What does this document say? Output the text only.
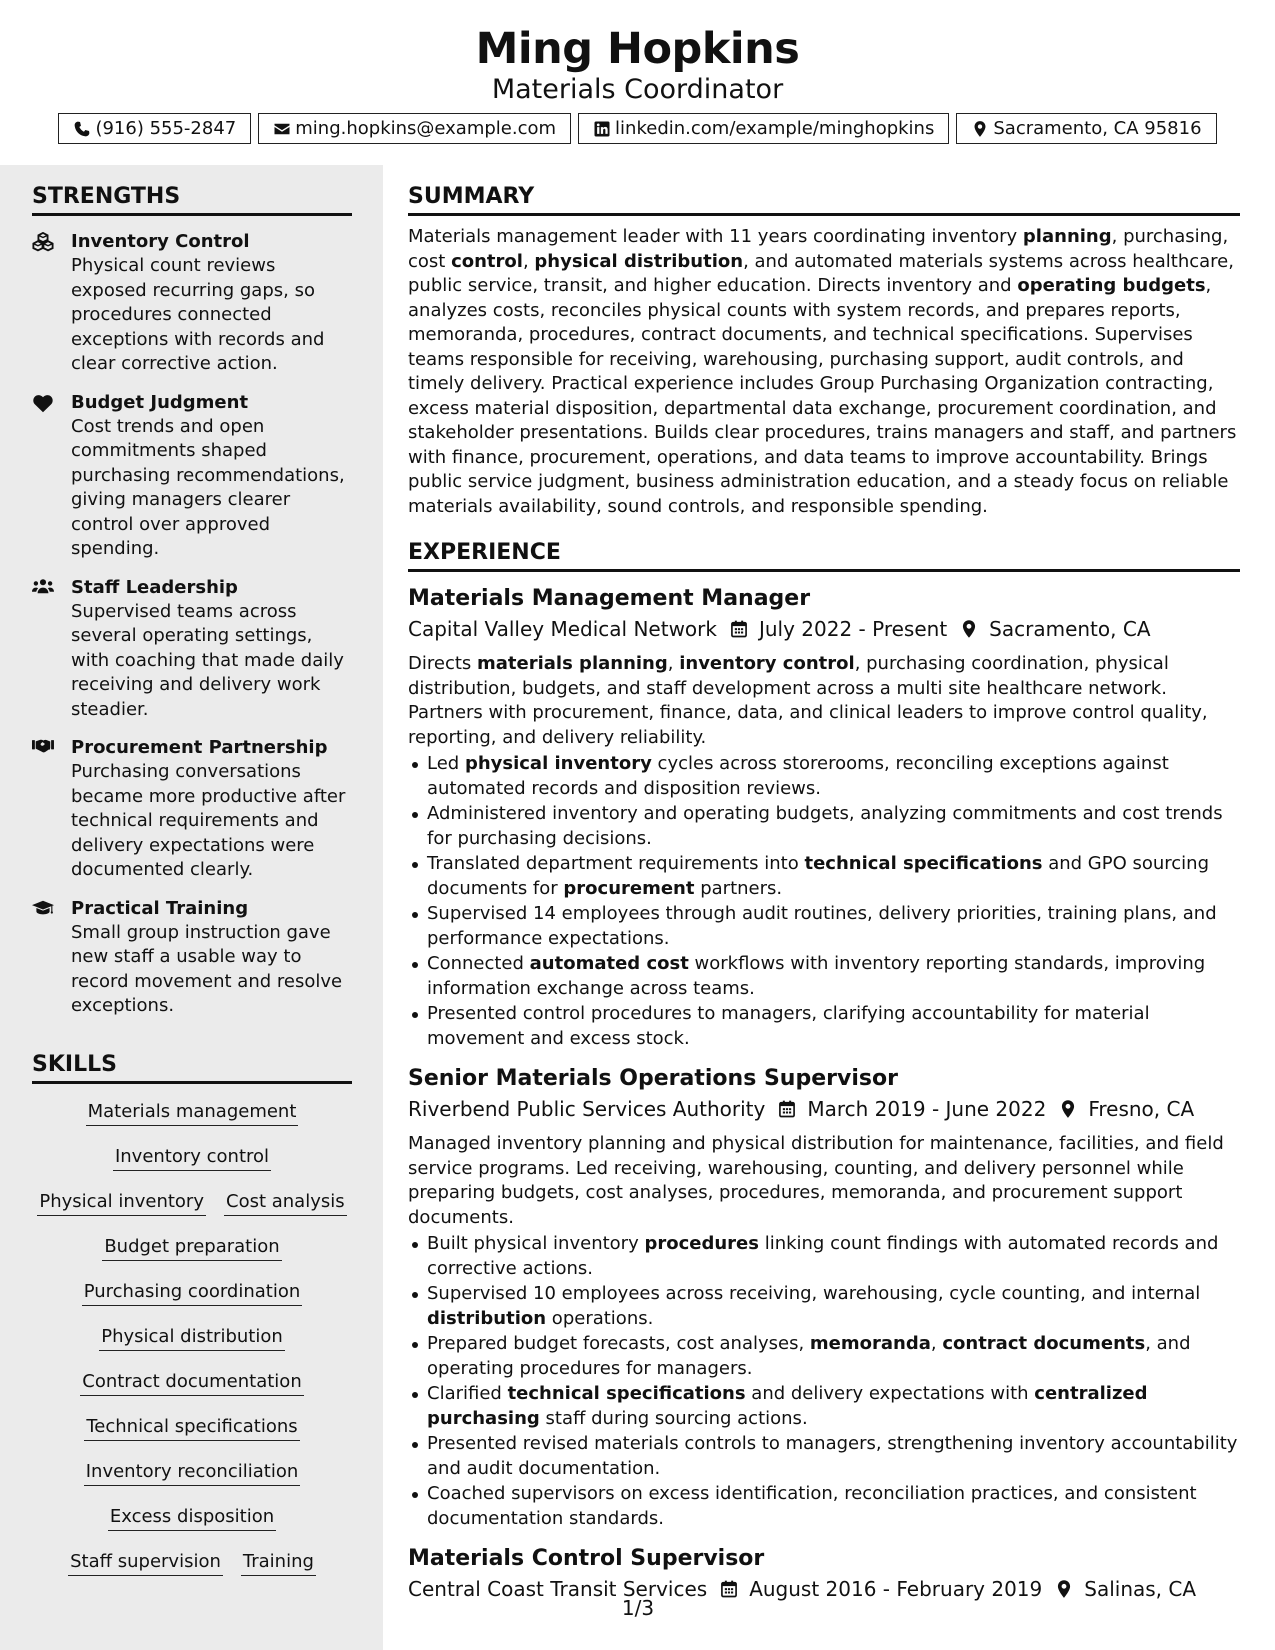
Ming Hopkins
Materials Coordinator
(916) 555-2847	ming.hopkins@example.com	linkedin.com/example/minghopkins	Sacramento, CA 95816
STRENGTHS
Inventory Control
Physical count reviews exposed recurring gaps, so procedures connected exceptions with records and clear corrective action.
Budget Judgment
Cost trends and open commitments shaped purchasing recommendations, giving managers clearer control over approved spending.
Staff Leadership
Supervised teams across several operating settings, with coaching that made daily receiving and delivery work steadier.
Procurement Partnership
Purchasing conversations became more productive after technical requirements and delivery expectations were documented clearly.
Practical Training
Small group instruction gave new staff a usable way to record movement and resolve exceptions.
SKILLS
Materials management
Inventory control
Physical inventory Cost analysis
Budget preparation
Purchasing coordination
Physical distribution
Contract documentation
Technical specifications
Inventory reconciliation
Excess disposition
Staff supervision Training
SUMMARY
Materials management leader with 11 years coordinating inventory planning, purchasing, cost control, physical distribution, and automated materials systems across healthcare, public service, transit, and higher education. Directs inventory and operating budgets, analyzes costs, reconciles physical counts with system records, and prepares reports, memoranda, procedures, contract documents, and technical specifications. Supervises teams responsible for receiving, warehousing, purchasing support, audit controls, and timely delivery. Practical experience includes Group Purchasing Organization contracting, excess material disposition, departmental data exchange, procurement coordination, and stakeholder presentations. Builds clear procedures, trains managers and staff, and partners with finance, procurement, operations, and data teams to improve accountability. Brings public service judgment, business administration education, and a steady focus on reliable materials availability, sound controls, and responsible spending.
EXPERIENCE
Materials Management Manager
Capital Valley Medical Network July 2022 - Present Sacramento, CA
Directs materials planning, inventory control, purchasing coordination, physical distribution, budgets, and staff development across a multi site healthcare network. Partners with procurement, finance, data, and clinical leaders to improve control quality, reporting, and delivery reliability.
Led physical inventory cycles across storerooms, reconciling exceptions against automated records and disposition reviews.
Administered inventory and operating budgets, analyzing commitments and cost trends for purchasing decisions.
Translated department requirements into technical specifications and GPO sourcing documents for procurement partners.
Supervised 14 employees through audit routines, delivery priorities, training plans, and performance expectations.
Connected automated cost workflows with inventory reporting standards, improving information exchange across teams.
Presented control procedures to managers, clarifying accountability for material movement and excess stock.
Senior Materials Operations Supervisor
Riverbend Public Services Authority March 2019 - June 2022 Fresno, CA
Managed inventory planning and physical distribution for maintenance, facilities, and field service programs. Led receiving, warehousing, counting, and delivery personnel while preparing budgets, cost analyses, procedures, memoranda, and procurement support documents.
Built physical inventory procedures linking count findings with automated records and corrective actions.
Supervised 10 employees across receiving, warehousing, cycle counting, and internal distribution operations.
Prepared budget forecasts, cost analyses, memoranda, contract documents, and operating procedures for managers.
Clarified technical specifications and delivery expectations with centralized purchasing staff during sourcing actions.
Presented revised materials controls to managers, strengthening inventory accountability and audit documentation.
Coached supervisors on excess identification, reconciliation practices, and consistent documentation standards.
Materials Control Supervisor
Central Coast Transit Services August 2016 - February 2019 Salinas, CA
1/3
